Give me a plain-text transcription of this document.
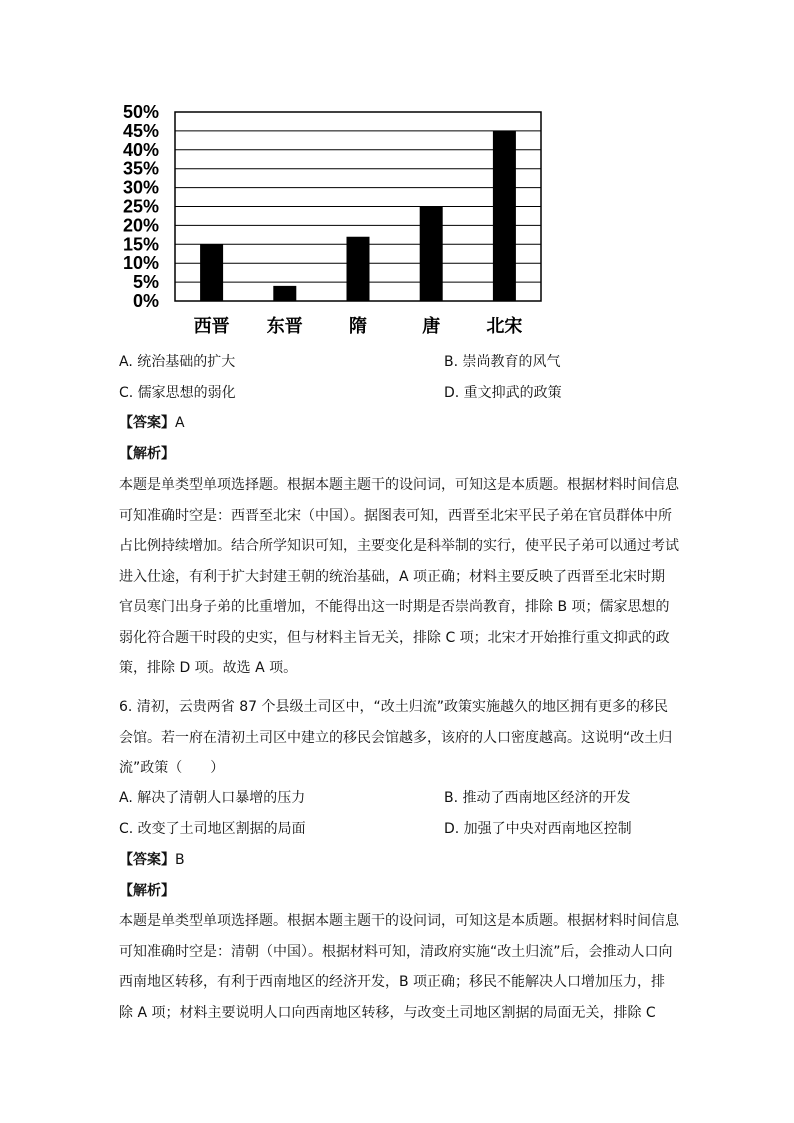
0%
5%
10%
15%
20%
25%
30%
35%
40%
45%
50%
西晋 东晋	隋	唐	北宋
A. 统治基础的扩大	B. 崇尚教育的风气
C. 儒家思想的弱化	D. 重文抑武的政策
【答案】A
【解析】
本题是单类型单项选择题。根据本题主题干的设问词，可知这是本质题。根据材料时间信息可知准确时空是：西晋至北宋（中国）。据图表可知，西晋至北宋平民子弟在官员群体中所占比例持续增加。结合所学知识可知，主要变化是科举制的实行，使平民子弟可以通过考试进入仕途，有利于扩大封建王朝的统治基础，A 项正确；材料主要反映了西晋至北宋时期官员寒门出身子弟的比重增加，不能得出这一时期是否崇尚教育，排除 B 项；儒家思想的弱化符合题干时段的史实，但与材料主旨无关，排除 C 项；北宋才开始推行重文抑武的政策，排除 D 项。故选 A 项。
6. 清初，云贵两省 87 个县级土司区中，“改土归流”政策实施越久的地区拥有更多的移民会馆。若一府在清初土司区中建立的移民会馆越多，该府的人口密度越高。这说明“改土归流”政策（　　）
A. 解决了清朝人口暴增的压力	B. 推动了西南地区经济的开发
C. 改变了土司地区割据的局面	D. 加强了中央对西南地区控制
【答案】B
【解析】
本题是单类型单项选择题。根据本题主题干的设问词，可知这是本质题。根据材料时间信息可知准确时空是：清朝（中国）。根据材料可知，清政府实施“改土归流”后，会推动人口向西南地区转移，有利于西南地区的经济开发，B 项正确；移民不能解决人口增加压力，排除 A 项；材料主要说明人口向西南地区转移，与改变土司地区割据的局面无关，排除 C
